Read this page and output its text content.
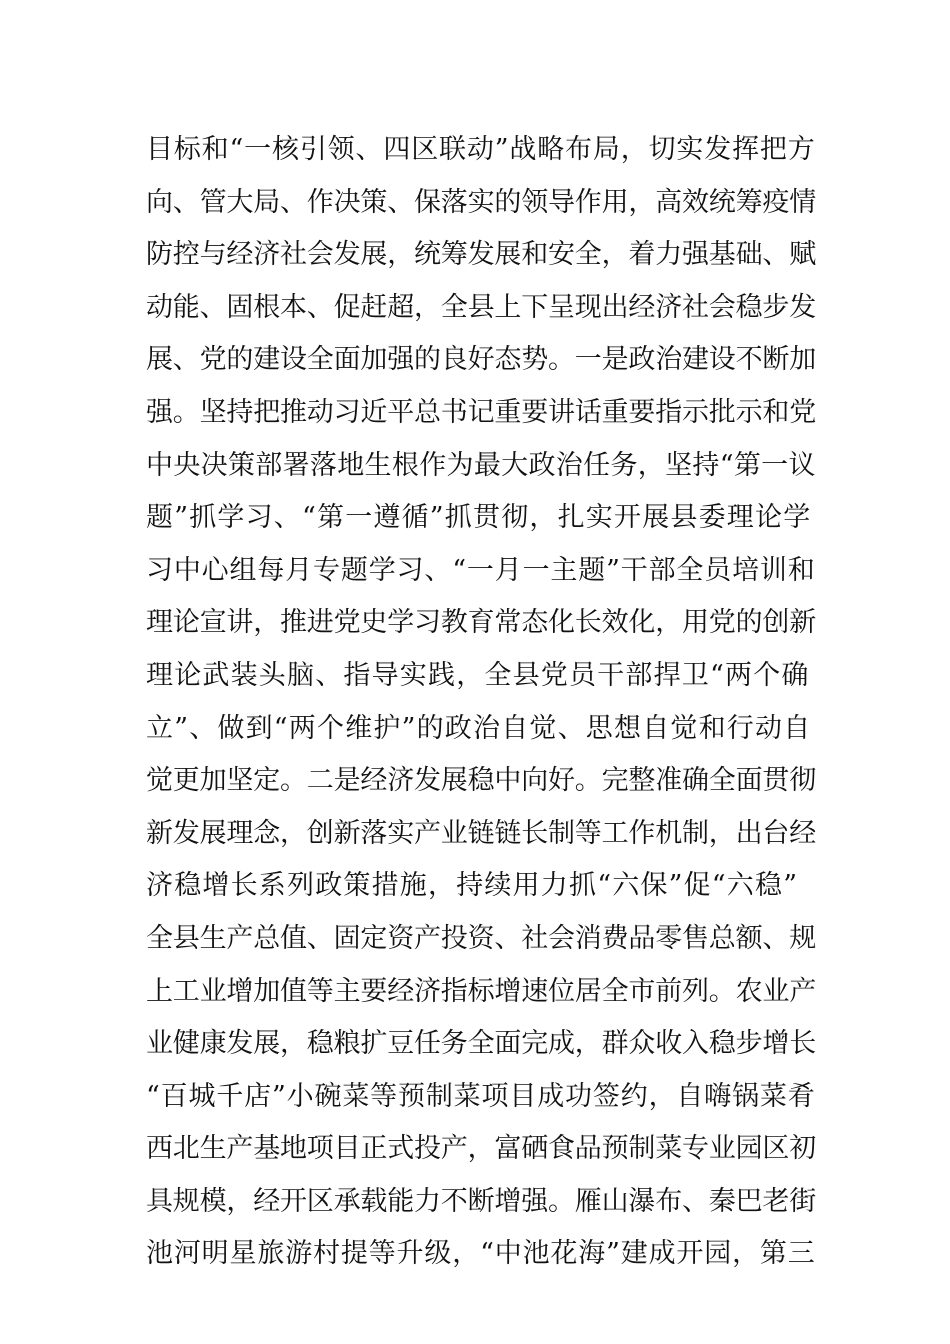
目标和“一核引领、四区联动”战略布局，切实发挥把方
向、管大局、作决策、保落实的领导作用，高效统筹疫情
防控与经济社会发展，统筹发展和安全，着力强基础、赋
动能、固根本、促赶超，全县上下呈现出经济社会稳步发
展、党的建设全面加强的良好态势。一是政治建设不断加
强。坚持把推动习近平总书记重要讲话重要指示批示和党
中央决策部署落地生根作为最大政治任务，坚持“第一议
题”抓学习、“第一遵循”抓贯彻，扎实开展县委理论学
习中心组每月专题学习、“一月一主题”干部全员培训和
理论宣讲，推进党史学习教育常态化长效化，用党的创新
理论武装头脑、指导实践，全县党员干部捍卫“两个确
立”、做到“两个维护”的政治自觉、思想自觉和行动自
觉更加坚定。二是经济发展稳中向好。完整准确全面贯彻
新发展理念，创新落实产业链链长制等工作机制，出台经
济稳增长系列政策措施，持续用力抓“六保”促“六稳”
全县生产总值、固定资产投资、社会消费品零售总额、规
上工业增加值等主要经济指标增速位居全市前列。农业产
业健康发展，稳粮扩豆任务全面完成，群众收入稳步增长
“百城千店”小碗菜等预制菜项目成功签约，自嗨锅菜肴
西北生产基地项目正式投产，富硒食品预制菜专业园区初
具规模，经开区承载能力不断增强。雁山瀑布、秦巴老街
池河明星旅游村提等升级，“中池花海”建成开园，第三
